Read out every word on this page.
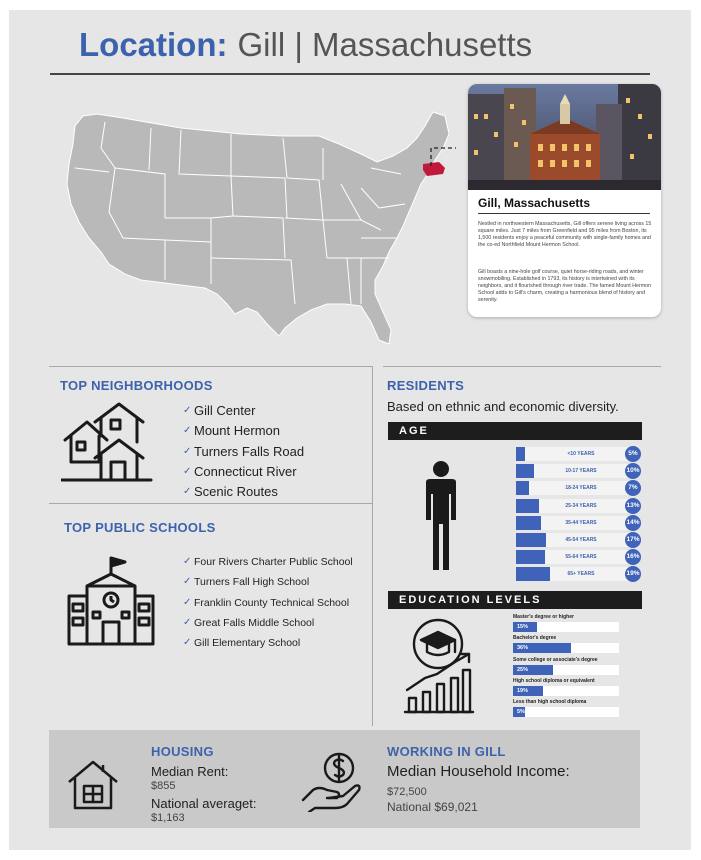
Location: Gill | Massachusetts
Gill, Massachusetts

Nestled in northwestern Massachusetts, Gill offers serene living across 15 square miles. Just 7 miles from Greenfield and 95 miles from Boston, its 1,500 residents enjoy a peaceful community with single-family homes and the co-ed Northfield Mount Hermon School.

Gill boasts a nine-hole golf course, quiet horse-riding roads, and winter snowmobiling. Established in 1793, its history is intertwined with its neighbors, and it flourished through river trade. The famed Mount Hermon School adds to Gill's charm, creating a harmonious blend of history and serenity.

TOP NEIGHBORHOODS
✓ Gill Center
✓ Mount Hermon
✓ Turners Falls Road
✓ Connecticut River
✓ Scenic Routes
TOP PUBLIC SCHOOLS
✓ Four Rivers Charter Public School
✓ Turners Fall High School
✓ Franklin County Technical School
✓ Great Falls Middle School
✓ Gill Elementary School
RESIDENTS
Based on ethnic and economic diversity.
AGE
<10 YEARS	5%
10-17 YEARS	10%
18-24 YEARS	7%
25-34 YEARS	13%
35-44 YEARS	14%
45-54 YEARS	17%
55-64 YEARS	16%
65+ YEARS	19%
EDUCATION LEVELS
Master's degree or higher
15%
Bachelor's degree
36%
Some college or associate's degree
25%
High school diploma or equivalent
19%
Less than high school diploma
5%
HOUSING
Median Rent:
$855
National averaget:
$1,163
WORKING IN GILL
Median Household Income:
$72,500
National $69,021
